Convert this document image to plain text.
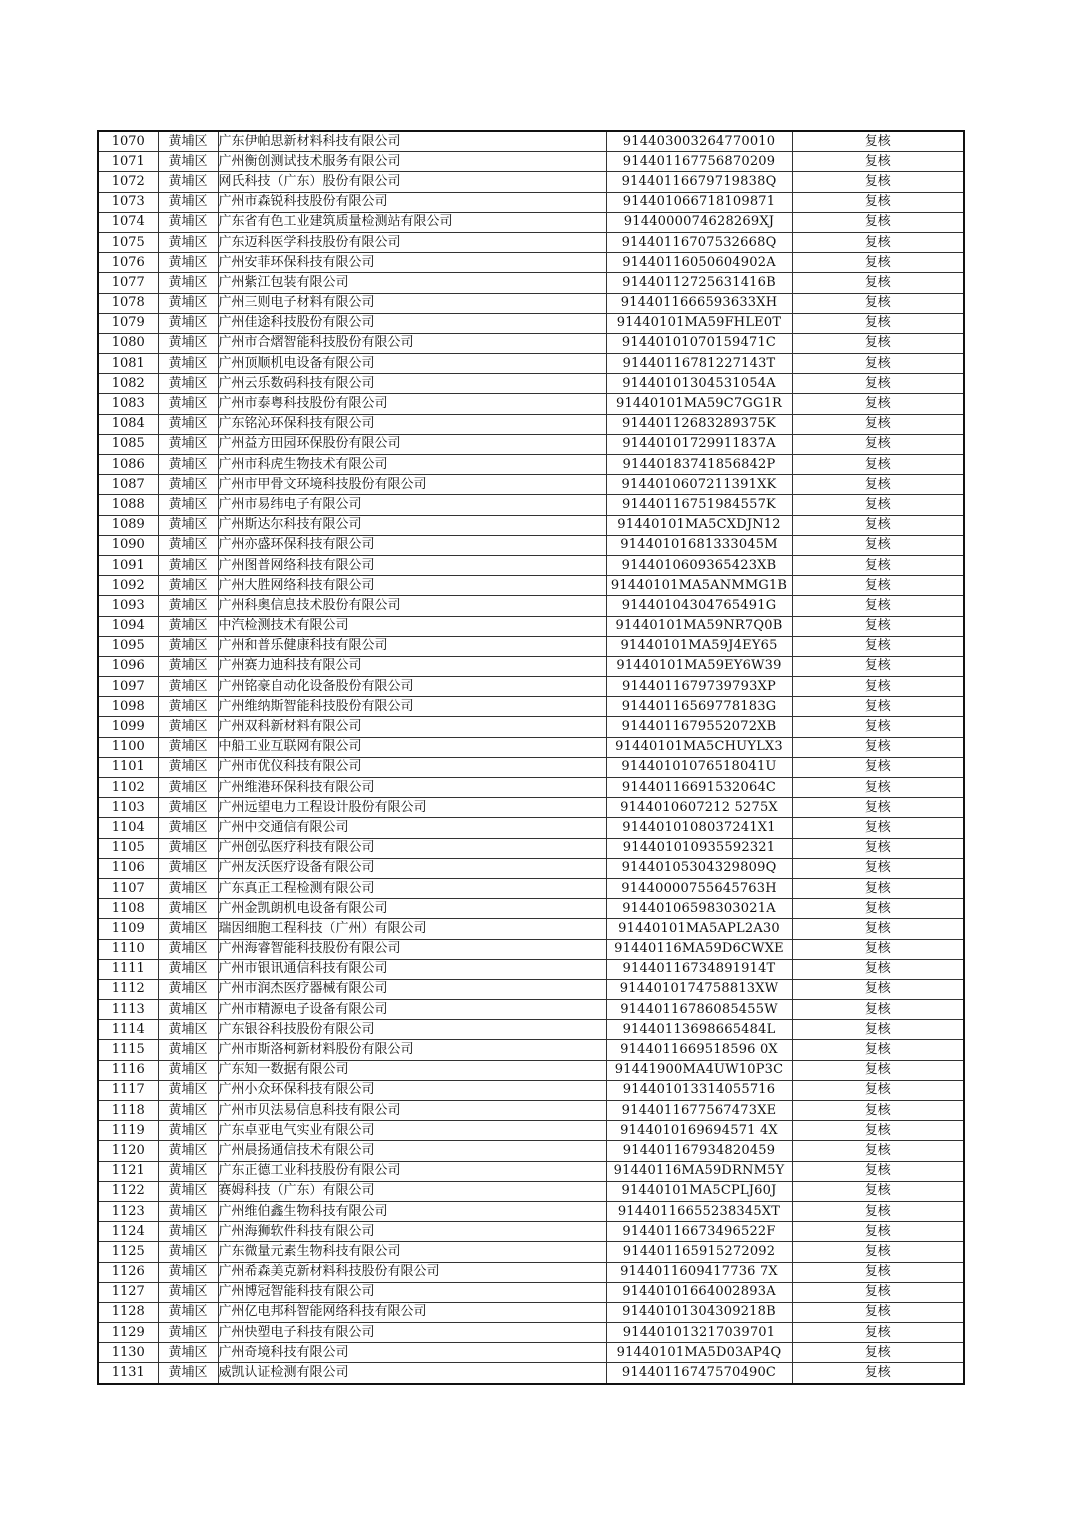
1070	黄埔区	广东伊帕思新材料科技有限公司	914403003264770010	复核
1071	黄埔区	广州衡创测试技术服务有限公司	914401167756870209	复核
1072	黄埔区	网氏科技（广东）股份有限公司	91440116679719838Q	复核
1073	黄埔区	广州市森锐科技股份有限公司	914401066718109871	复核
1074	黄埔区	广东省有色工业建筑质量检测站有限公司	9144000074628269XJ	复核
1075	黄埔区	广东迈科医学科技股份有限公司	91440116707532668Q	复核
1076	黄埔区	广州安菲环保科技有限公司	91440116050604902A	复核
1077	黄埔区	广州紫江包装有限公司	91440112725631416B	复核
1078	黄埔区	广州三则电子材料有限公司	9144011666593633XH	复核
1079	黄埔区	广州佳途科技股份有限公司	91440101MA59FHLE0T	复核
1080	黄埔区	广州市合熠智能科技股份有限公司	91440101070159471C	复核
1081	黄埔区	广州顶顺机电设备有限公司	91440116781227143T	复核
1082	黄埔区	广州云乐数码科技有限公司	91440101304531054A	复核
1083	黄埔区	广州市泰粤科技股份有限公司	91440101MA59C7GG1R	复核
1084	黄埔区	广东铭沁环保科技有限公司	91440112683289375K	复核
1085	黄埔区	广州益方田园环保股份有限公司	91440101729911837A	复核
1086	黄埔区	广州市科虎生物技术有限公司	91440183741856842P	复核
1087	黄埔区	广州市甲骨文环境科技股份有限公司	9144010607211391XK	复核
1088	黄埔区	广州市易纬电子有限公司	91440116751984557K	复核
1089	黄埔区	广州斯达尔科技有限公司	91440101MA5CXDJN12	复核
1090	黄埔区	广州亦盛环保科技有限公司	91440101681333045M	复核
1091	黄埔区	广州图普网络科技有限公司	9144010609365423XB	复核
1092	黄埔区	广州大胜网络科技有限公司	91440101MA5ANMMG1B	复核
1093	黄埔区	广州科奥信息技术股份有限公司	91440104304765491G	复核
1094	黄埔区	中汽检测技术有限公司	91440101MA59NR7Q0B	复核
1095	黄埔区	广州和普乐健康科技有限公司	91440101MA59J4EY65	复核
1096	黄埔区	广州赛力迪科技有限公司	91440101MA59EY6W39	复核
1097	黄埔区	广州铭豪自动化设备股份有限公司	9144011679739793XP	复核
1098	黄埔区	广州维纳斯智能科技股份有限公司	91440116569778183G	复核
1099	黄埔区	广州双科新材料有限公司	9144011679552072XB	复核
1100	黄埔区	中船工业互联网有限公司	91440101MA5CHUYLX3	复核
1101	黄埔区	广州市优仪科技有限公司	91440101076518041U	复核
1102	黄埔区	广州维港环保科技有限公司	91440116691532064C	复核
1103	黄埔区	广州远望电力工程设计股份有限公司	9144010607212 5275X	复核
1104	黄埔区	广州中交通信有限公司	9144010108037241X1	复核
1105	黄埔区	广州创弘医疗科技有限公司	914401010935592321	复核
1106	黄埔区	广州友沃医疗设备有限公司	91440105304329809Q	复核
1107	黄埔区	广东真正工程检测有限公司	91440000755645763H	复核
1108	黄埔区	广州金凯朗机电设备有限公司	91440106598303021A	复核
1109	黄埔区	瑞因细胞工程科技（广州）有限公司	91440101MA5APL2A30	复核
1110	黄埔区	广州海睿智能科技股份有限公司	91440116MA59D6CWXE	复核
1111	黄埔区	广州市银讯通信科技有限公司	91440116734891914T	复核
1112	黄埔区	广州市润杰医疗器械有限公司	9144010174758813XW	复核
1113	黄埔区	广州市精源电子设备有限公司	91440116786085455W	复核
1114	黄埔区	广东银谷科技股份有限公司	91440113698665484L	复核
1115	黄埔区	广州市斯洛柯新材料股份有限公司	9144011669518596 0X	复核
1116	黄埔区	广东知一数据有限公司	91441900MA4UW10P3C	复核
1117	黄埔区	广州小众环保科技有限公司	914401013314055716	复核
1118	黄埔区	广州市贝法易信息科技有限公司	9144011677567473XE	复核
1119	黄埔区	广东卓亚电气实业有限公司	9144010169694571 4X	复核
1120	黄埔区	广州晨扬通信技术有限公司	914401167934820459	复核
1121	黄埔区	广东正德工业科技股份有限公司	91440116MA59DRNM5Y	复核
1122	黄埔区	赛姆科技（广东）有限公司	91440101MA5CPLJ60J	复核
1123	黄埔区	广州维伯鑫生物科技有限公司	91440116655238345XT	复核
1124	黄埔区	广州海狮软件科技有限公司	91440116673496522F	复核
1125	黄埔区	广东微量元素生物科技有限公司	914401165915272092	复核
1126	黄埔区	广州希森美克新材料科技股份有限公司	9144011609417736 7X	复核
1127	黄埔区	广州博冠智能科技有限公司	91440101664002893A	复核
1128	黄埔区	广州亿电邦科智能网络科技有限公司	91440101304309218B	复核
1129	黄埔区	广州快塑电子科技有限公司	914401013217039701	复核
1130	黄埔区	广州奇境科技有限公司	91440101MA5D03AP4Q	复核
1131	黄埔区	威凯认证检测有限公司	91440116747570490C	复核
